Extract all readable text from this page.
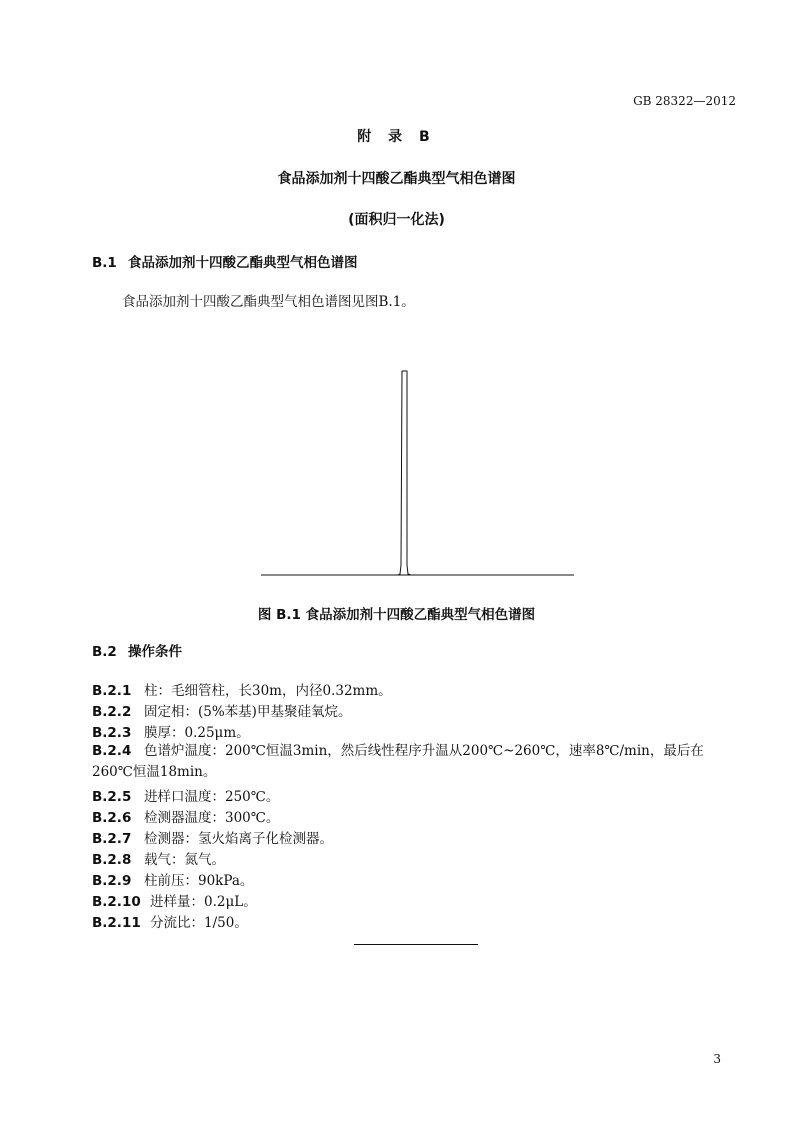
GB 28322—2012
附 录 B
食品添加剂十四酸乙酯典型气相色谱图
(面积归一化法)
B.1 食品添加剂十四酸乙酯典型气相色谱图
食品添加剂十四酸乙酯典型气相色谱图见图B.1。
图 B.1 食品添加剂十四酸乙酯典型气相色谱图
B.2 操作条件
B.2.1 柱：毛细管柱，长30m，内径0.32mm。
B.2.2 固定相：(5%苯基)甲基聚硅氧烷。
B.2.3 膜厚：0.25μm。
B.2.4 色谱炉温度：200℃恒温3min，然后线性程序升温从200℃~260℃，速率8℃/min，最后在260℃恒温18min。
B.2.5 进样口温度：250℃。
B.2.6 检测器温度：300℃。
B.2.7 检测器：氢火焰离子化检测器。
B.2.8 载气：氮气。
B.2.9 柱前压：90kPa。
B.2.10 进样量：0.2μL。
B.2.11 分流比：1/50。
3
